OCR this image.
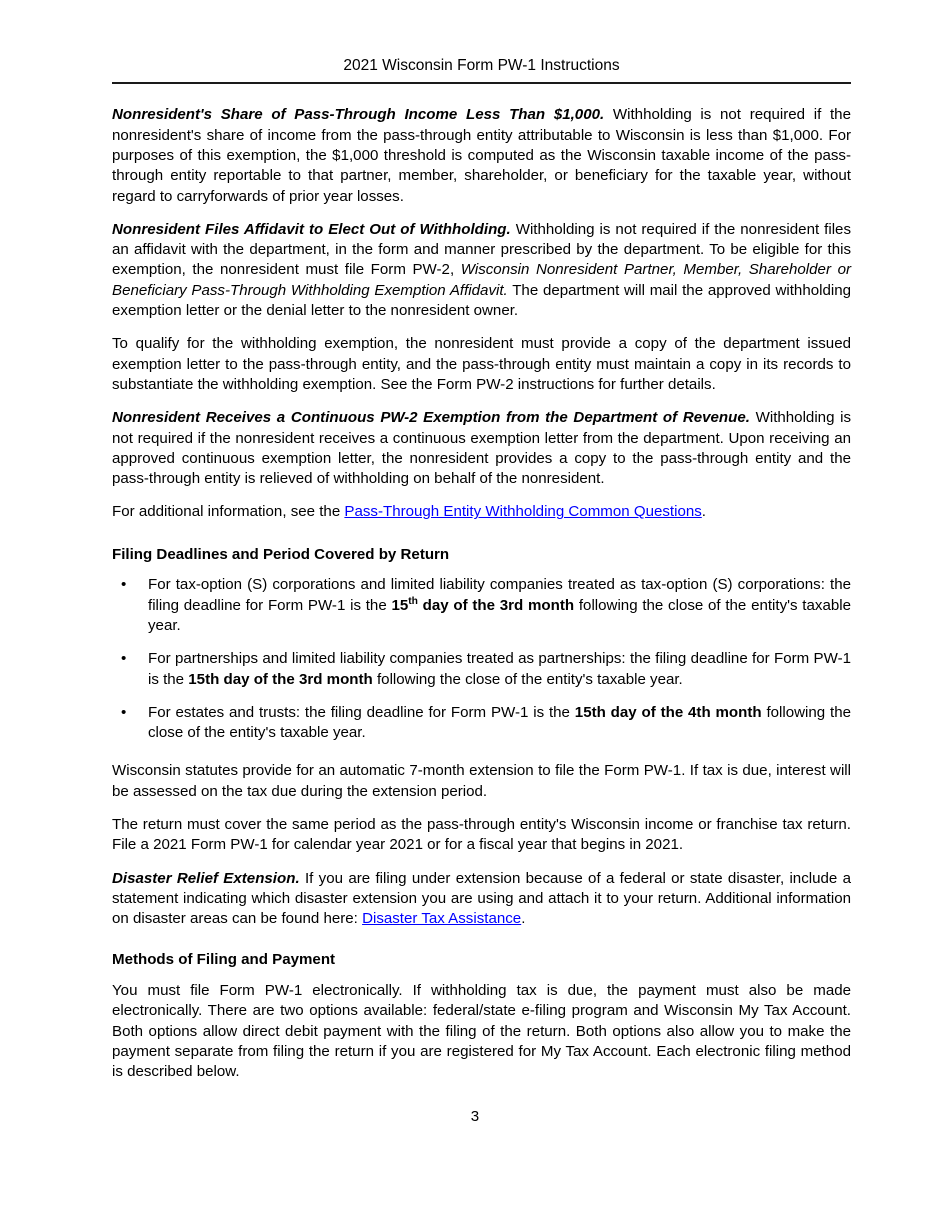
2021 Wisconsin Form PW-1 Instructions

Nonresident's Share of Pass-Through Income Less Than $1,000. Withholding is not required if the nonresident's share of income from the pass-through entity attributable to Wisconsin is less than $1,000. For purposes of this exemption, the $1,000 threshold is computed as the Wisconsin taxable income of the pass-through entity reportable to that partner, member, shareholder, or beneficiary for the taxable year, without regard to carryforwards of prior year losses.

Nonresident Files Affidavit to Elect Out of Withholding. Withholding is not required if the nonresident files an affidavit with the department, in the form and manner prescribed by the department. To be eligible for this exemption, the nonresident must file Form PW-2, Wisconsin Nonresident Partner, Member, Shareholder or Beneficiary Pass-Through Withholding Exemption Affidavit. The department will mail the approved withholding exemption letter or the denial letter to the nonresident owner.

To qualify for the withholding exemption, the nonresident must provide a copy of the department issued exemption letter to the pass-through entity, and the pass-through entity must maintain a copy in its records to substantiate the withholding exemption. See the Form PW-2 instructions for further details.

Nonresident Receives a Continuous PW-2 Exemption from the Department of Revenue. Withholding is not required if the nonresident receives a continuous exemption letter from the department. Upon receiving an approved continuous exemption letter, the nonresident provides a copy to the pass-through entity and the pass-through entity is relieved of withholding on behalf of the nonresident.

For additional information, see the Pass-Through Entity Withholding Common Questions.

Filing Deadlines and Period Covered by Return
• For tax-option (S) corporations and limited liability companies treated as tax-option (S) corporations: the filing deadline for Form PW-1 is the 15th day of the 3rd month following the close of the entity's taxable year.
• For partnerships and limited liability companies treated as partnerships: the filing deadline for Form PW-1 is the 15th day of the 3rd month following the close of the entity's taxable year.
• For estates and trusts: the filing deadline for Form PW-1 is the 15th day of the 4th month following the close of the entity's taxable year.

Wisconsin statutes provide for an automatic 7-month extension to file the Form PW-1. If tax is due, interest will be assessed on the tax due during the extension period.

The return must cover the same period as the pass-through entity's Wisconsin income or franchise tax return. File a 2021 Form PW-1 for calendar year 2021 or for a fiscal year that begins in 2021.

Disaster Relief Extension. If you are filing under extension because of a federal or state disaster, include a statement indicating which disaster extension you are using and attach it to your return. Additional information on disaster areas can be found here: Disaster Tax Assistance.

Methods of Filing and Payment

You must file Form PW-1 electronically. If withholding tax is due, the payment must also be made electronically. There are two options available: federal/state e-filing program and Wisconsin My Tax Account. Both options allow direct debit payment with the filing of the return. Both options also allow you to make the payment separate from filing the return if you are registered for My Tax Account. Each electronic filing method is described below.

3
